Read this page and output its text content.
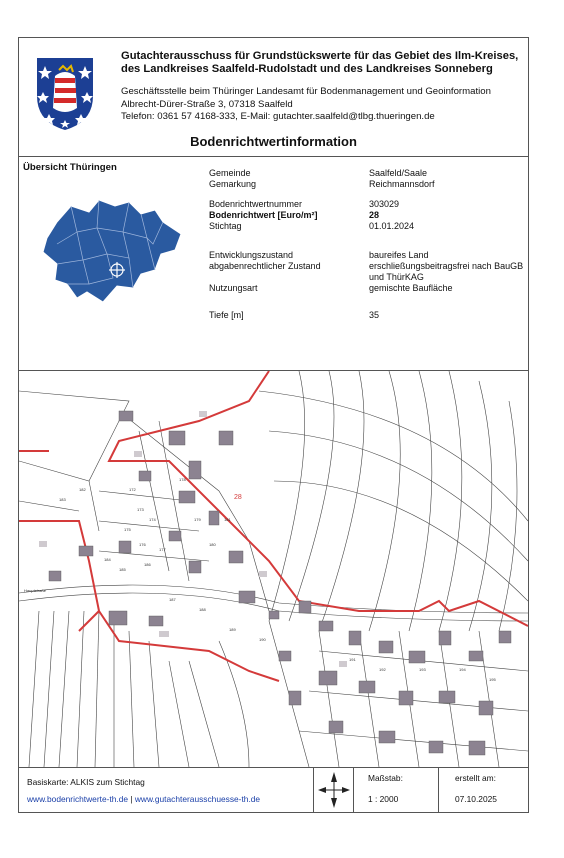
Gutachterausschuss für Grundstückswerte für das Gebiet des Ilm-Kreises,
des Landkreises Saalfeld-Rudolstadt und des Landkreises Sonneberg
Geschäftsstelle beim Thüringer Landesamt für Bodenmanagement und Geoinformation
Albrecht-Dürer-Straße 3, 07318 Saalfeld
Telefon: 0361 57 4168-333, E-Mail: gutachter.saalfeld@tlbg.thueringen.de
Bodenrichtwertinformation
Übersicht Thüringen	Gemeinde	Saalfeld/Saale
Gemarkung	Reichmannsdorf
Bodenrichtwertnummer	303029
Bodenrichtwert [Euro/m²]	28
Stichtag	01.01.2024
Entwicklungszustand	baureifes Land
abgabenrechtlicher Zustand	erschließungsbeitragsfrei nach BauGB und ThürKAG
Nutzungsart	gemischte Baufläche
Tiefe [m]	35
172
173
174
175
176
177
178
179
180
181
182
183
184
185
186
187
188
189
190
191
192	193	194
195
28
Hauptstraße
Basiskarte: ALKIS zum Stichtag
www.bodenrichtwerte-th.de | www.gutachterausschuesse-th.de
Maßstab:
1 : 2000
erstellt am:
07.10.2025
